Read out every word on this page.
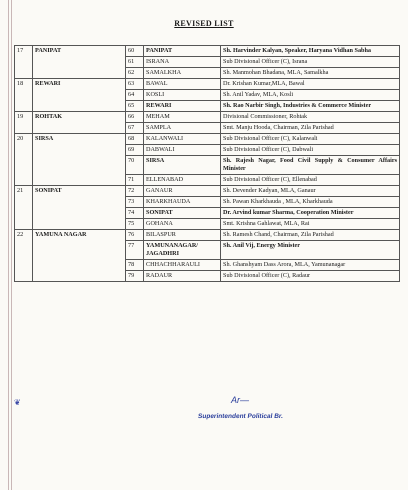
REVISED LIST
17	PANIPAT	60	PANIPAT	Sh. Harvinder Kalyan, Speaker, Haryana Vidhan Sabha
		61	ISRANA	Sub Divisional Officer (C), Israna
		62	SAMALKHA	Sh. Manmohan Bhadana, MLA, Samalkha
18	REWARI	63	BAWAL	Dr. Krishan Kumar,MLA, Bawal
		64	KOSLI	Sh. Anil Yadav, MLA, Kosli
		65	REWARI	Sh. Rao Narbir Singh, Industries & Commerce Minister
19	ROHTAK	66	MEHAM	Divisional Commissioner, Rohtak
		67	SAMPLA	Smt. Manju Hooda, Chairman, Zila Parishad
20	SIRSA	68	KALANWALI	Sub Divisional Officer (C), Kalanwali
		69	DABWALI	Sub Divisional Officer (C), Dabwali
		70	SIRSA	Sh. Rajesh Nagar, Food Civil Supply & Consumer Affairs Minister
		71	ELLENABAD	Sub Divisional Officer (C), Ellenabad
21	SONIPAT	72	GANAUR	Sh. Devender Kadyan, MLA, Ganaur
		73	KHARKHAUDA	Sh. Pawan Kharkhauda , MLA, Kharkhauda
		74	SONIPAT	Dr. Arvind kumar Sharma, Cooperation Minister
		75	GOHANA	Smt. Krishna Gahlawat, MLA, Rai
22	YAMUNA NAGAR	76	BILASPUR	Sh. Ramesh Chand, Chairman, Zila Parishad
		77	YAMUNANAGAR/ JAGADHRI	Sh. Anil Vij, Energy Minister
		78	CHHACHHARAULI	Sh. Ghanshyam Dass Arora, MLA, Yamunanagar
		79	RADAUR	Sub Divisional Officer (C), Radaur
❦	Ar—
Superintendent Political Br.
